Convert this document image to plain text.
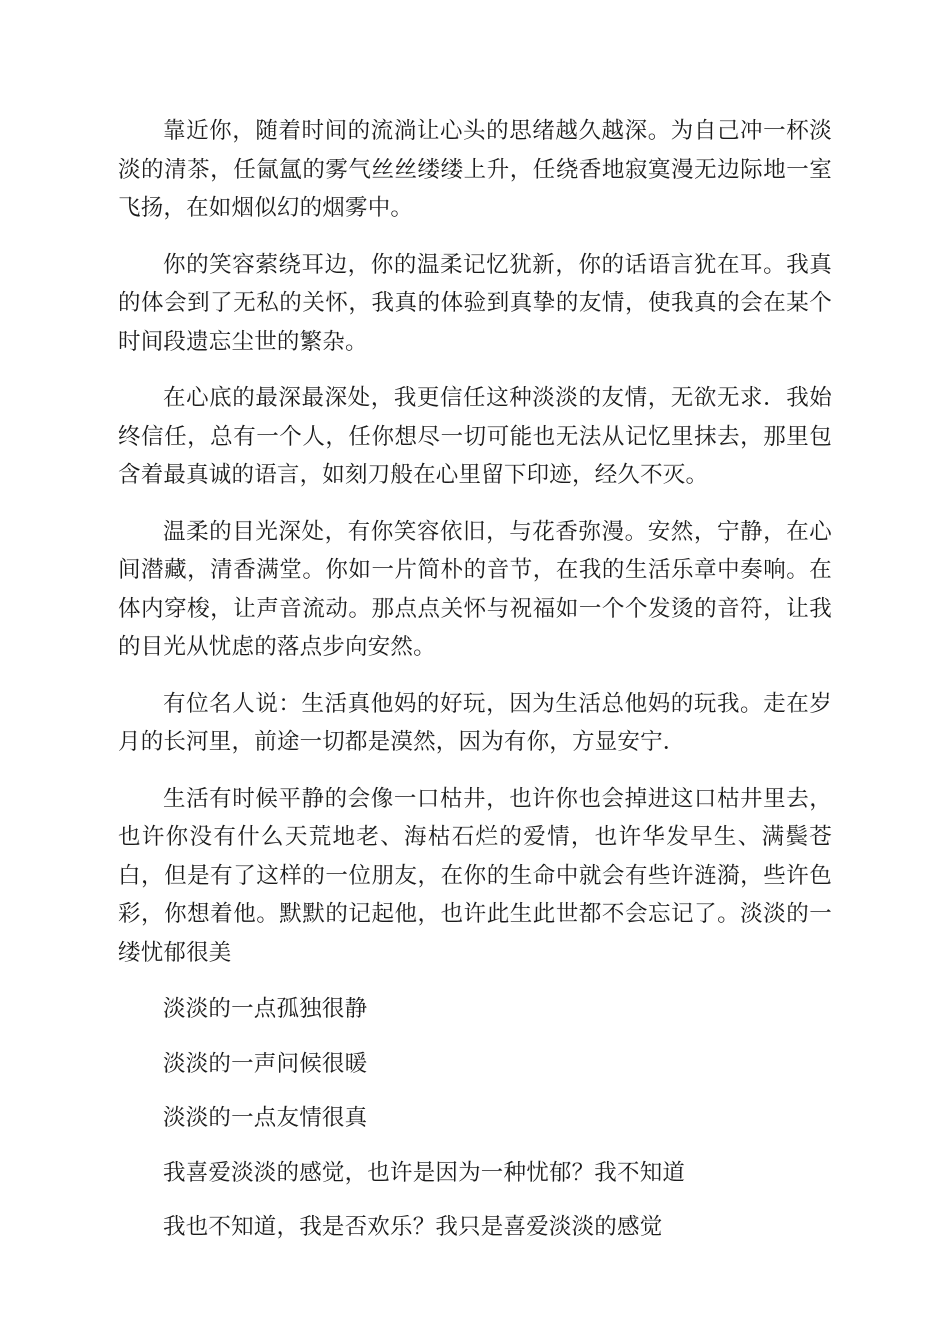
靠近你，随着时间的流淌让心头的思绪越久越深。为自己冲一杯淡淡的清茶，任氤氲的雾气丝丝缕缕上升，任绕香地寂寞漫无边际地一室飞扬，在如烟似幻的烟雾中。

你的笑容萦绕耳边，你的温柔记忆犹新，你的话语言犹在耳。我真的体会到了无私的关怀，我真的体验到真挚的友情，使我真的会在某个时间段遗忘尘世的繁杂。

在心底的最深最深处，我更信任这种淡淡的友情，无欲无求．我始终信任，总有一个人，任你想尽一切可能也无法从记忆里抹去，那里包含着最真诚的语言，如刻刀般在心里留下印迹，经久不灭。

温柔的目光深处，有你笑容依旧，与花香弥漫。安然，宁静，在心间潜藏，清香满堂。你如一片简朴的音节，在我的生活乐章中奏响。在体内穿梭，让声音流动。那点点关怀与祝福如一个个发烫的音符，让我的目光从忧虑的落点步向安然。

有位名人说：生活真他妈的好玩，因为生活总他妈的玩我。走在岁月的长河里，前途一切都是漠然，因为有你，方显安宁．

生活有时候平静的会像一口枯井，也许你也会掉进这口枯井里去，也许你没有什么天荒地老、海枯石烂的爱情，也许华发早生、满鬓苍白，但是有了这样的一位朋友，在你的生命中就会有些许涟漪，些许色彩，你想着他。默默的记起他，也许此生此世都不会忘记了。淡淡的一缕忧郁很美

淡淡的一点孤独很静

淡淡的一声问候很暖

淡淡的一点友情很真

我喜爱淡淡的感觉，也许是因为一种忧郁？我不知道

我也不知道，我是否欢乐？我只是喜爱淡淡的感觉
